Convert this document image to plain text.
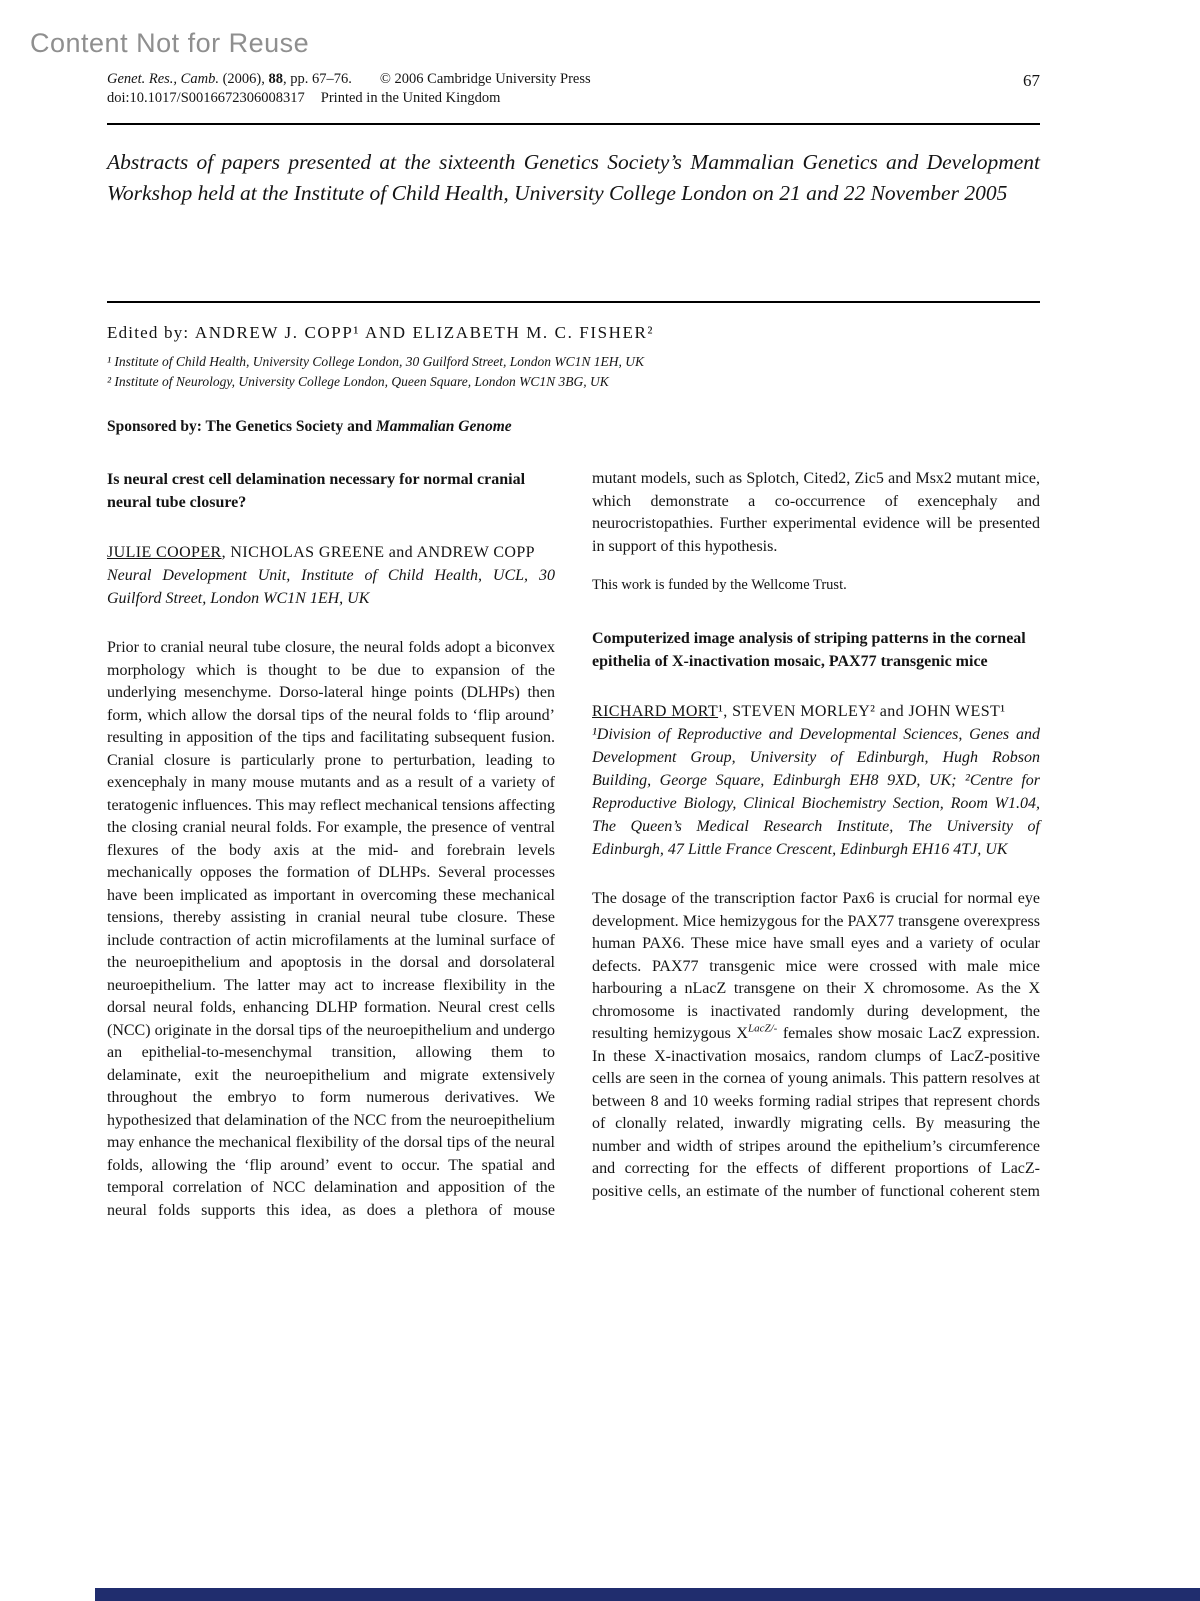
Content Not for Reuse
Genet. Res., Camb. (2006), 88, pp. 67–76. © 2006 Cambridge University Press
doi:10.1017/S0016672306008317 Printed in the United Kingdom
67
Abstracts of papers presented at the sixteenth Genetics Society’s Mammalian Genetics and Development Workshop held at the Institute of Child Health, University College London on 21 and 22 November 2005
Edited by: ANDREW J. COPP¹ AND ELIZABETH M. C. FISHER²
¹ Institute of Child Health, University College London, 30 Guilford Street, London WC1N 1EH, UK
² Institute of Neurology, University College London, Queen Square, London WC1N 3BG, UK
Sponsored by: The Genetics Society and Mammalian Genome
Is neural crest cell delamination necessary for normal cranial neural tube closure?
JULIE COOPER, NICHOLAS GREENE and ANDREW COPP
Neural Development Unit, Institute of Child Health, UCL, 30 Guilford Street, London WC1N 1EH, UK

Prior to cranial neural tube closure, the neural folds adopt a biconvex morphology which is thought to be due to expansion of the underlying mesenchyme. Dorso-lateral hinge points (DLHPs) then form, which allow the dorsal tips of the neural folds to ‘flip around’ resulting in apposition of the tips and facilitating subsequent fusion. Cranial closure is particularly prone to perturbation, leading to exencephaly in many mouse mutants and as a result of a variety of teratogenic influences. This may reflect mechanical tensions affecting the closing cranial neural folds. For example, the presence of ventral flexures of the body axis at the mid- and forebrain levels mechanically opposes the formation of DLHPs. Several processes have been implicated as important in overcoming these mechanical tensions, thereby assisting in cranial neural tube closure. These include contraction of actin microfilaments at the luminal surface of the neuroepithelium and apoptosis in the dorsal and dorsolateral neuroepithelium. The latter may act to increase flexibility in the dorsal neural folds, enhancing DLHP formation. Neural crest cells (NCC) originate in the dorsal tips of the neuroepithelium and undergo an epithelial-to-mesenchymal transition, allowing them to delaminate, exit the neuroepithelium and migrate extensively throughout the embryo to form numerous derivatives. We hypothesized that delamination of the NCC from the neuroepithelium may enhance the mechanical flexibility of the dorsal tips of the neural folds, allowing the ‘flip around’ event to occur. The spatial and temporal correlation of NCC delamination and apposition of the neural folds supports this idea, as does a plethora of mouse

mutant models, such as Splotch, Cited2, Zic5 and Msx2 mutant mice, which demonstrate a co-occurrence of exencephaly and neurocristopathies. Further experimental evidence will be presented in support of this hypothesis.

This work is funded by the Wellcome Trust.

Computerized image analysis of striping patterns in the corneal epithelia of X-inactivation mosaic, PAX77 transgenic mice
RICHARD MORT¹, STEVEN MORLEY² and JOHN WEST¹
¹Division of Reproductive and Developmental Sciences, Genes and Development Group, University of Edinburgh, Hugh Robson Building, George Square, Edinburgh EH8 9XD, UK; ²Centre for Reproductive Biology, Clinical Biochemistry Section, Room W1.04, The Queen’s Medical Research Institute, The University of Edinburgh, 47 Little France Crescent, Edinburgh EH16 4TJ, UK

The dosage of the transcription factor Pax6 is crucial for normal eye development. Mice hemizygous for the PAX77 transgene overexpress human PAX6. These mice have small eyes and a variety of ocular defects. PAX77 transgenic mice were crossed with male mice harbouring a nLacZ transgene on their X chromosome. As the X chromosome is inactivated randomly during development, the resulting hemizygous $X^{LacZ/-}$ females show mosaic LacZ expression. In these X-inactivation mosaics, random clumps of LacZ-positive cells are seen in the cornea of young animals. This pattern resolves at between 8 and 10 weeks forming radial stripes that represent chords of clonally related, inwardly migrating cells. By measuring the number and width of stripes around the epithelium’s circumference and correcting for the effects of different proportions of LacZ-positive cells, an estimate of the number of functional coherent stem
